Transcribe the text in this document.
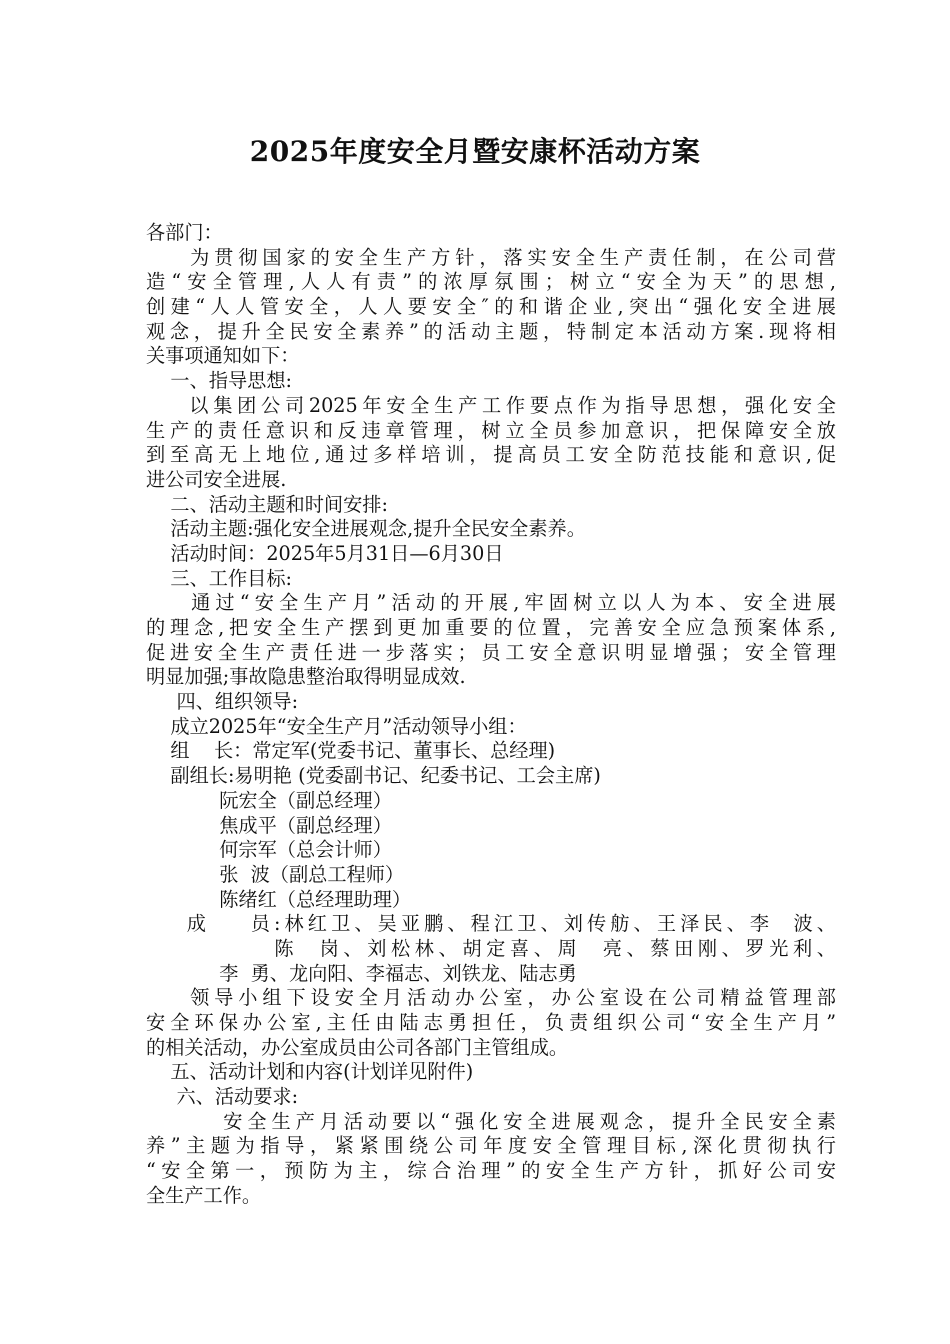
2025年度安全月暨安康杯活动方案
各部门：
为贯彻国家的安全生产方针，落实安全生产责任制，在公司营
造“安全管理,人人有责”的浓厚氛围；树立“安全为天”的思想,
创建“人人管安全，人人要安全″的和谐企业,突出“强化安全进展
观念，提升全民安全素养”的活动主题，特制定本活动方案.现将相
关事项通知如下：
一、指导思想:
以集团公司2025年安全生产工作要点作为指导思想，强化安全
生产的责任意识和反违章管理，树立全员参加意识，把保障安全放
到至高无上地位,通过多样培训，提高员工安全防范技能和意识,促
进公司安全进展.
二、活动主题和时间安排:
活动主题:强化安全进展观念,提升全民安全素养。
活动时间：2025年5月31日—6月30日
三、工作目标:
通过“安全生产月”活动的开展,牢固树立以人为本、安全进展
的理念,把安全生产摆到更加重要的位置，完善安全应急预案体系,
促进安全生产责任进一步落实；员工安全意识明显增强；安全管理
明显加强;事故隐患整治取得明显成效.
四、组织领导:
成立2025年“安全生产月”活动领导小组：
组    长：常定军(党委书记、董事长、总经理)
副组长:易明艳 (党委副书记、纪委书记、工会主席)
阮宏全（副总经理）
焦成平（副总经理）
何宗军（总会计师）
张  波（副总工程师）
陈绪红（总经理助理）
成    员:林红卫、吴亚鹏、程江卫、刘传舫、王泽民、李  波、
陈  岗、刘松林、胡定喜、周  亮、蔡田刚、罗光利、
李  勇、龙向阳、李福志、刘铁龙、陆志勇
领导小组下设安全月活动办公室，办公室设在公司精益管理部
安全环保办公室,主任由陆志勇担任，负责组织公司“安全生产月”
的相关活动，办公室成员由公司各部门主管组成。
五、活动计划和内容(计划详见附件)
六、活动要求:
安全生产月活动要以“强化安全进展观念，提升全民安全素
养”主题为指导，紧紧围绕公司年度安全管理目标,深化贯彻执行
“安全第一，预防为主，综合治理”的安全生产方针，抓好公司安
全生产工作。
